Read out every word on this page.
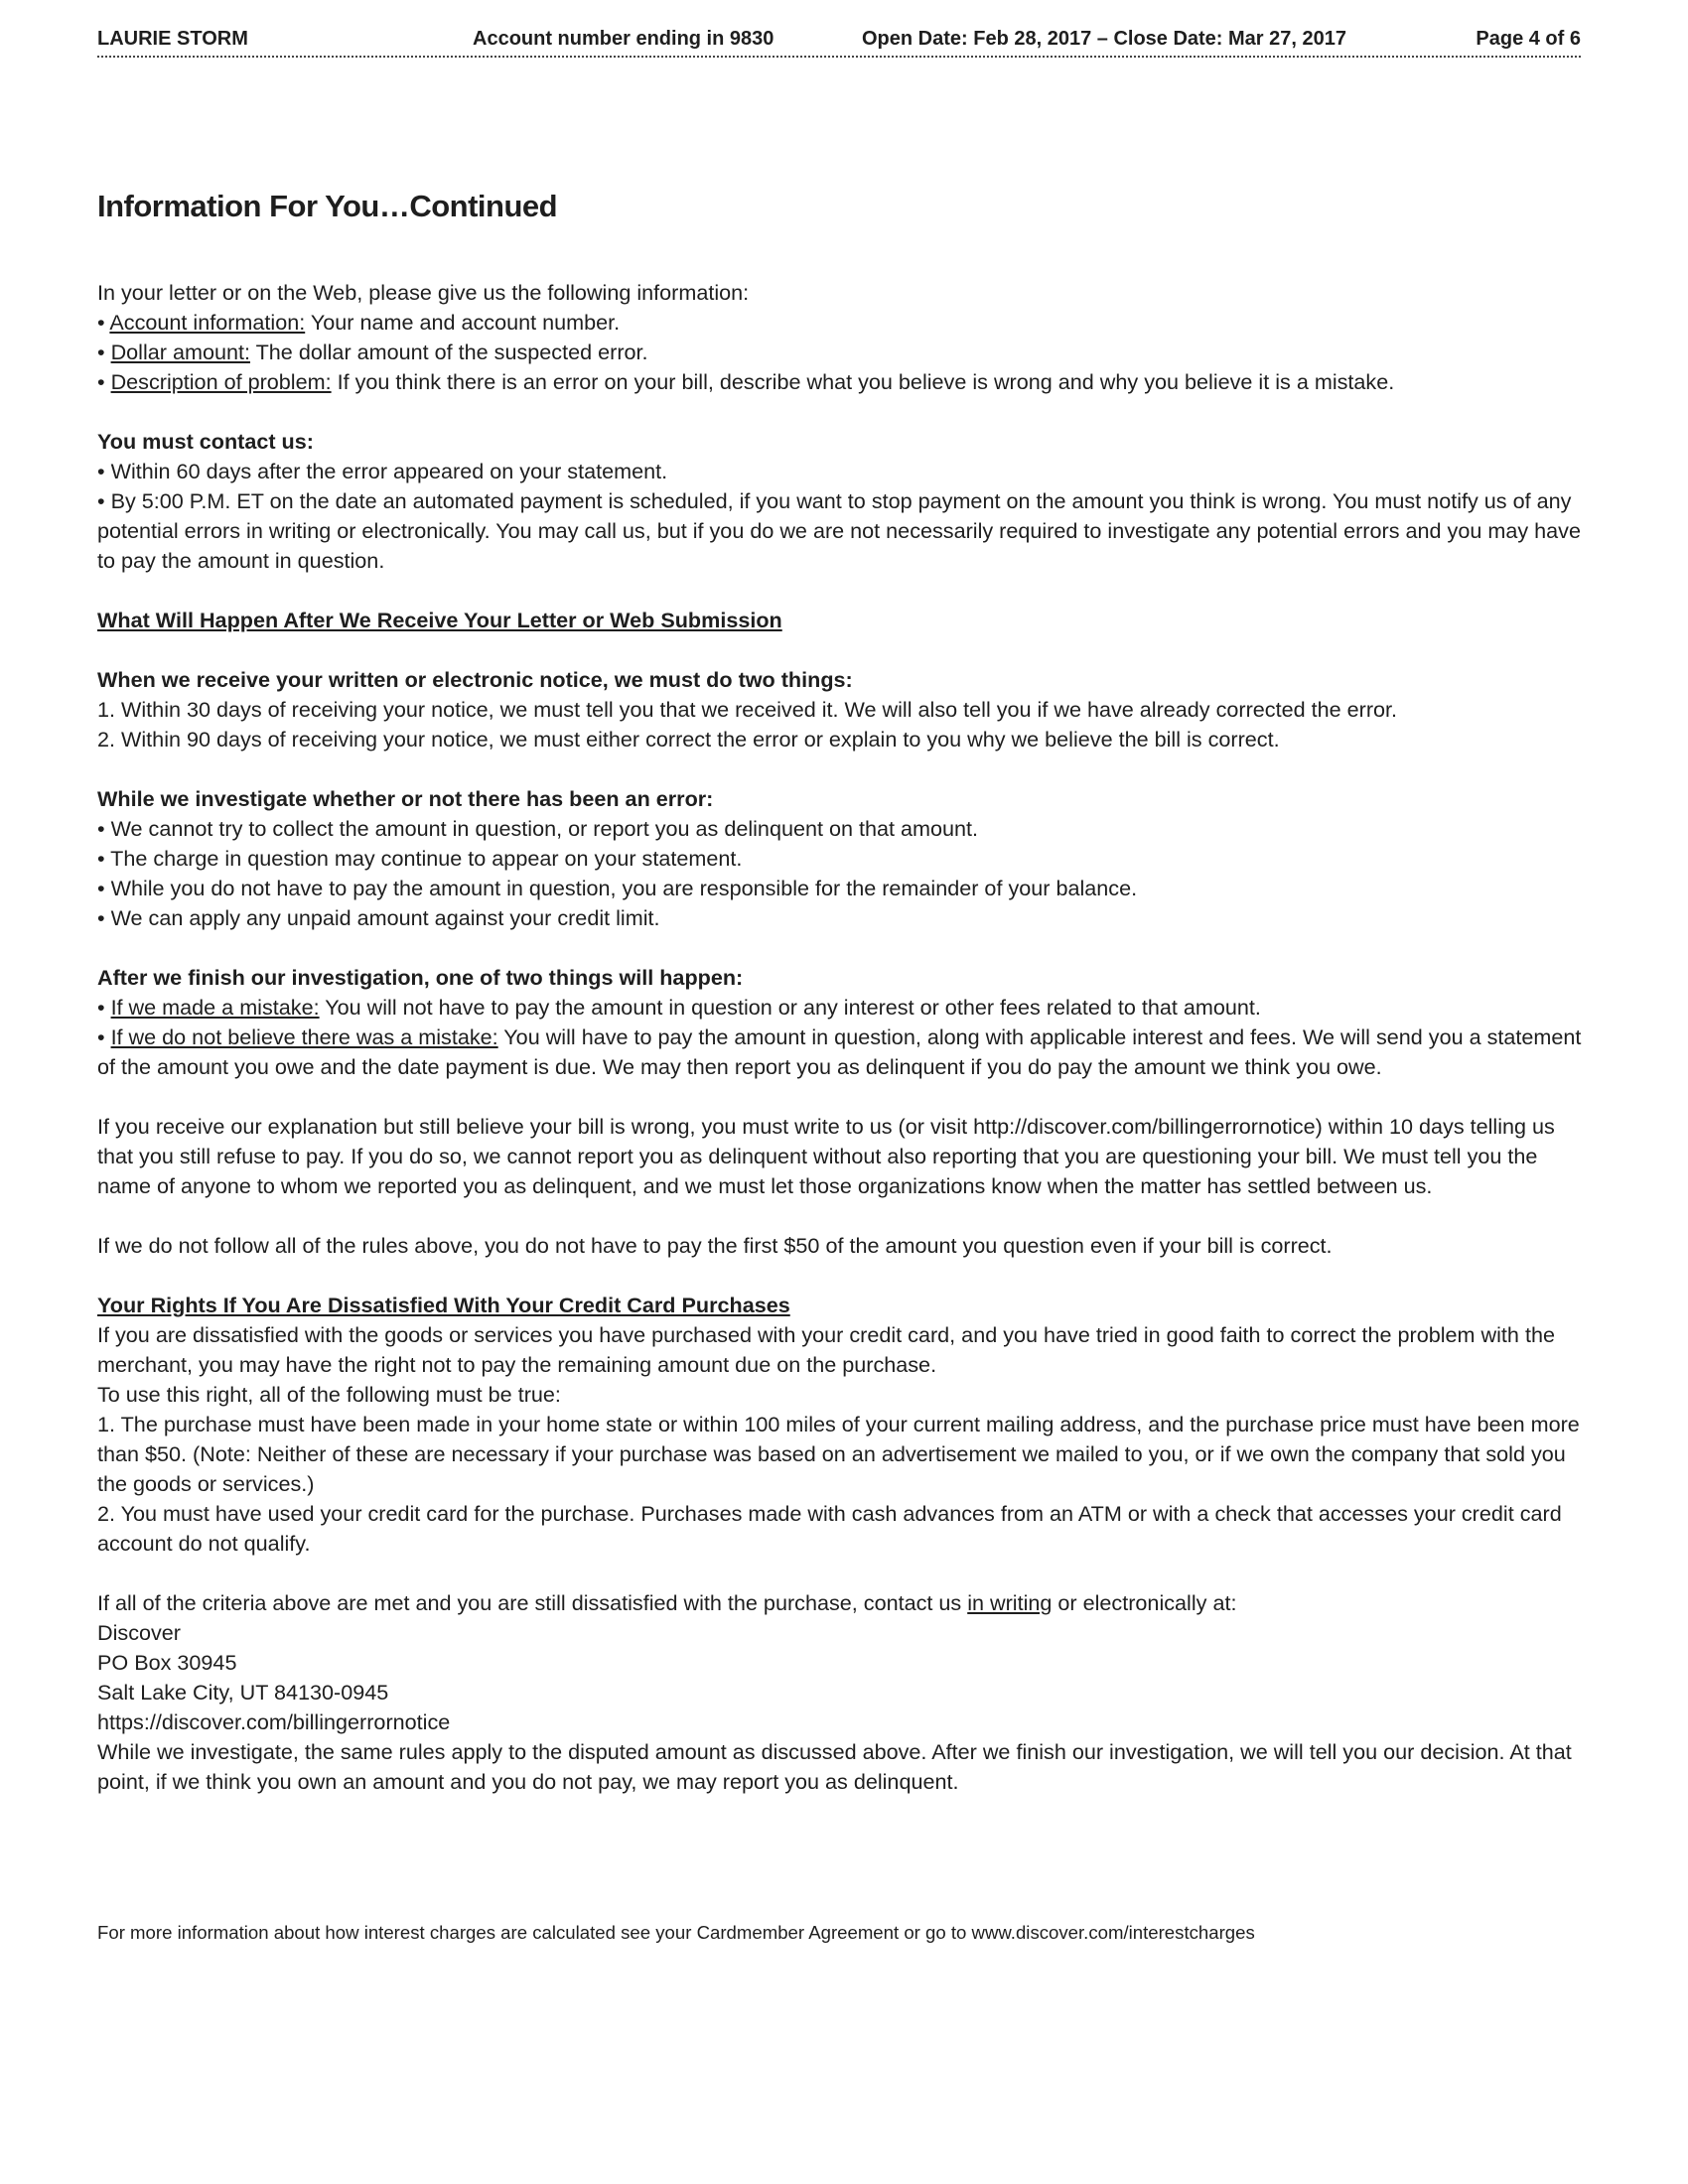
LAURIE STORM	Account number ending in 9830	Open Date: Feb 28, 2017 – Close Date: Mar 27, 2017	Page 4 of 6
Information For You…Continued

In your letter or on the Web, please give us the following information:

• Account information: Your name and account number.

• Dollar amount: The dollar amount of the suspected error.

• Description of problem: If you think there is an error on your bill, describe what you believe is wrong and why you believe it is a mistake.

You must contact us:

• Within 60 days after the error appeared on your statement.

• By 5:00 P.M. ET on the date an automated payment is scheduled, if you want to stop payment on the amount you think is wrong. You must notify us of any potential errors in writing or electronically. You may call us, but if you do we are not necessarily required to investigate any potential errors and you may have to pay the amount in question.

What Will Happen After We Receive Your Letter or Web Submission

When we receive your written or electronic notice, we must do two things:

1. Within 30 days of receiving your notice, we must tell you that we received it. We will also tell you if we have already corrected the error.

2. Within 90 days of receiving your notice, we must either correct the error or explain to you why we believe the bill is correct.

While we investigate whether or not there has been an error:

• We cannot try to collect the amount in question, or report you as delinquent on that amount.

• The charge in question may continue to appear on your statement.

• While you do not have to pay the amount in question, you are responsible for the remainder of your balance.

• We can apply any unpaid amount against your credit limit.

After we finish our investigation, one of two things will happen:

• If we made a mistake: You will not have to pay the amount in question or any interest or other fees related to that amount.

• If we do not believe there was a mistake: You will have to pay the amount in question, along with applicable interest and fees. We will send you a statement of the amount you owe and the date payment is due. We may then report you as delinquent if you do pay the amount we think you owe.

If you receive our explanation but still believe your bill is wrong, you must write to us (or visit http://discover.com/billingerrornotice) within 10 days telling us that you still refuse to pay. If you do so, we cannot report you as delinquent without also reporting that you are questioning your bill. We must tell you the name of anyone to whom we reported you as delinquent, and we must let those organizations know when the matter has settled between us.

If we do not follow all of the rules above, you do not have to pay the first $50 of the amount you question even if your bill is correct.

Your Rights If You Are Dissatisfied With Your Credit Card Purchases

If you are dissatisfied with the goods or services you have purchased with your credit card, and you have tried in good faith to correct the problem with the merchant, you may have the right not to pay the remaining amount due on the purchase.

To use this right, all of the following must be true:

1. The purchase must have been made in your home state or within 100 miles of your current mailing address, and the purchase price must have been more than $50. (Note: Neither of these are necessary if your purchase was based on an advertisement we mailed to you, or if we own the company that sold you the goods or services.)

2. You must have used your credit card for the purchase. Purchases made with cash advances from an ATM or with a check that accesses your credit card account do not qualify.

If all of the criteria above are met and you are still dissatisfied with the purchase, contact us in writing or electronically at:

Discover

PO Box 30945

Salt Lake City, UT 84130-0945

https://discover.com/billingerrornotice

While we investigate, the same rules apply to the disputed amount as discussed above. After we finish our investigation, we will tell you our decision. At that point, if we think you own an amount and you do not pay, we may report you as delinquent.

For more information about how interest charges are calculated see your Cardmember Agreement or go to www.discover.com/interestcharges
